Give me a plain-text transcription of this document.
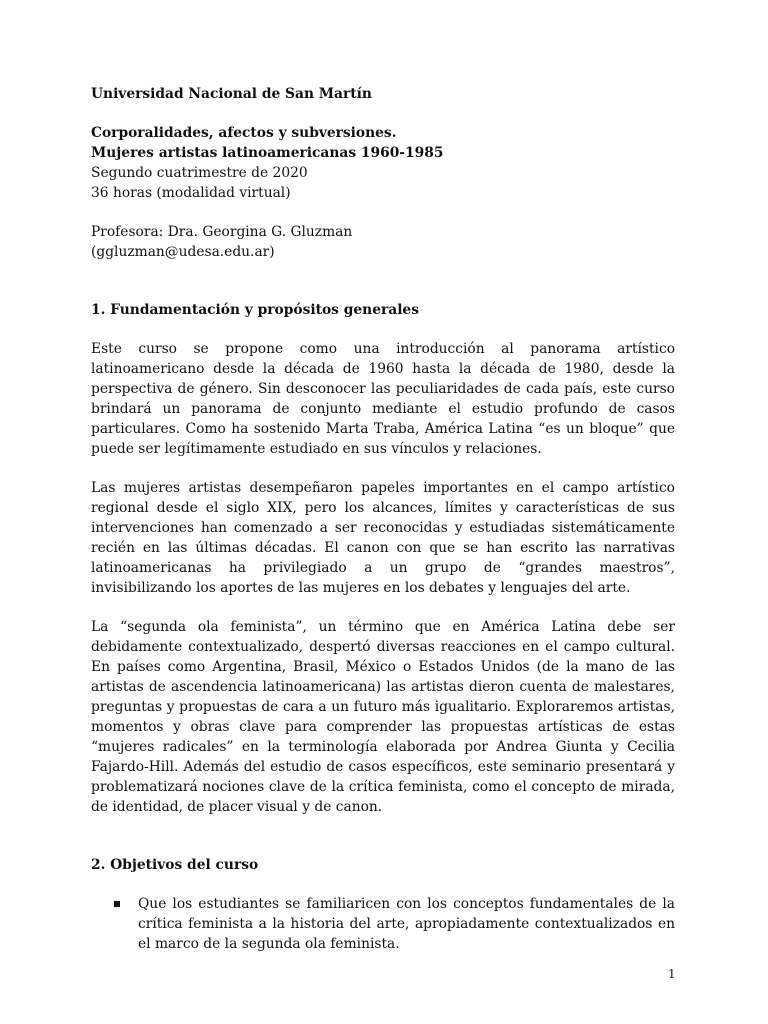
Universidad Nacional de San Martín

Corporalidades, afectos y subversiones.

Mujeres artistas latinoamericanas 1960-1985

Segundo cuatrimestre de 2020

36 horas (modalidad virtual)

Profesora: Dra. Georgina G. Gluzman

(ggluzman@udesa.edu.ar)

1. Fundamentación y propósitos generales

Este curso se propone como una introducción al panorama artístico latinoamericano desde la década de 1960 hasta la década de 1980, desde la perspectiva de género. Sin desconocer las peculiaridades de cada país, este curso brindará un panorama de conjunto mediante el estudio profundo de casos particulares. Como ha sostenido Marta Traba, América Latina “es un bloque” que puede ser legítimamente estudiado en sus vínculos y relaciones.

Las mujeres artistas desempeñaron papeles importantes en el campo artístico regional desde el siglo XIX, pero los alcances, límites y características de sus intervenciones han comenzado a ser reconocidas y estudiadas sistemáticamente recién en las últimas décadas. El canon con que se han escrito las narrativas latinoamericanas ha privilegiado a un grupo de “grandes maestros”, invisibilizando los aportes de las mujeres en los debates y lenguajes del arte.

La “segunda ola feminista”, un término que en América Latina debe ser debidamente contextualizado, despertó diversas reacciones en el campo cultural. En países como Argentina, Brasil, México o Estados Unidos (de la mano de las artistas de ascendencia latinoamericana) las artistas dieron cuenta de malestares, preguntas y propuestas de cara a un futuro más igualitario. Exploraremos artistas, momentos y obras clave para comprender las propuestas artísticas de estas “mujeres radicales” en la terminología elaborada por Andrea Giunta y Cecilia Fajardo-Hill. Además del estudio de casos específicos, este seminario presentará y problematizará nociones clave de la crítica feminista, como el concepto de mirada, de identidad, de placer visual y de canon.

2. Objetivos del curso

Que los estudiantes se familiaricen con los conceptos fundamentales de la crítica feminista a la historia del arte, apropiadamente contextualizados en el marco de la segunda ola feminista.
1
